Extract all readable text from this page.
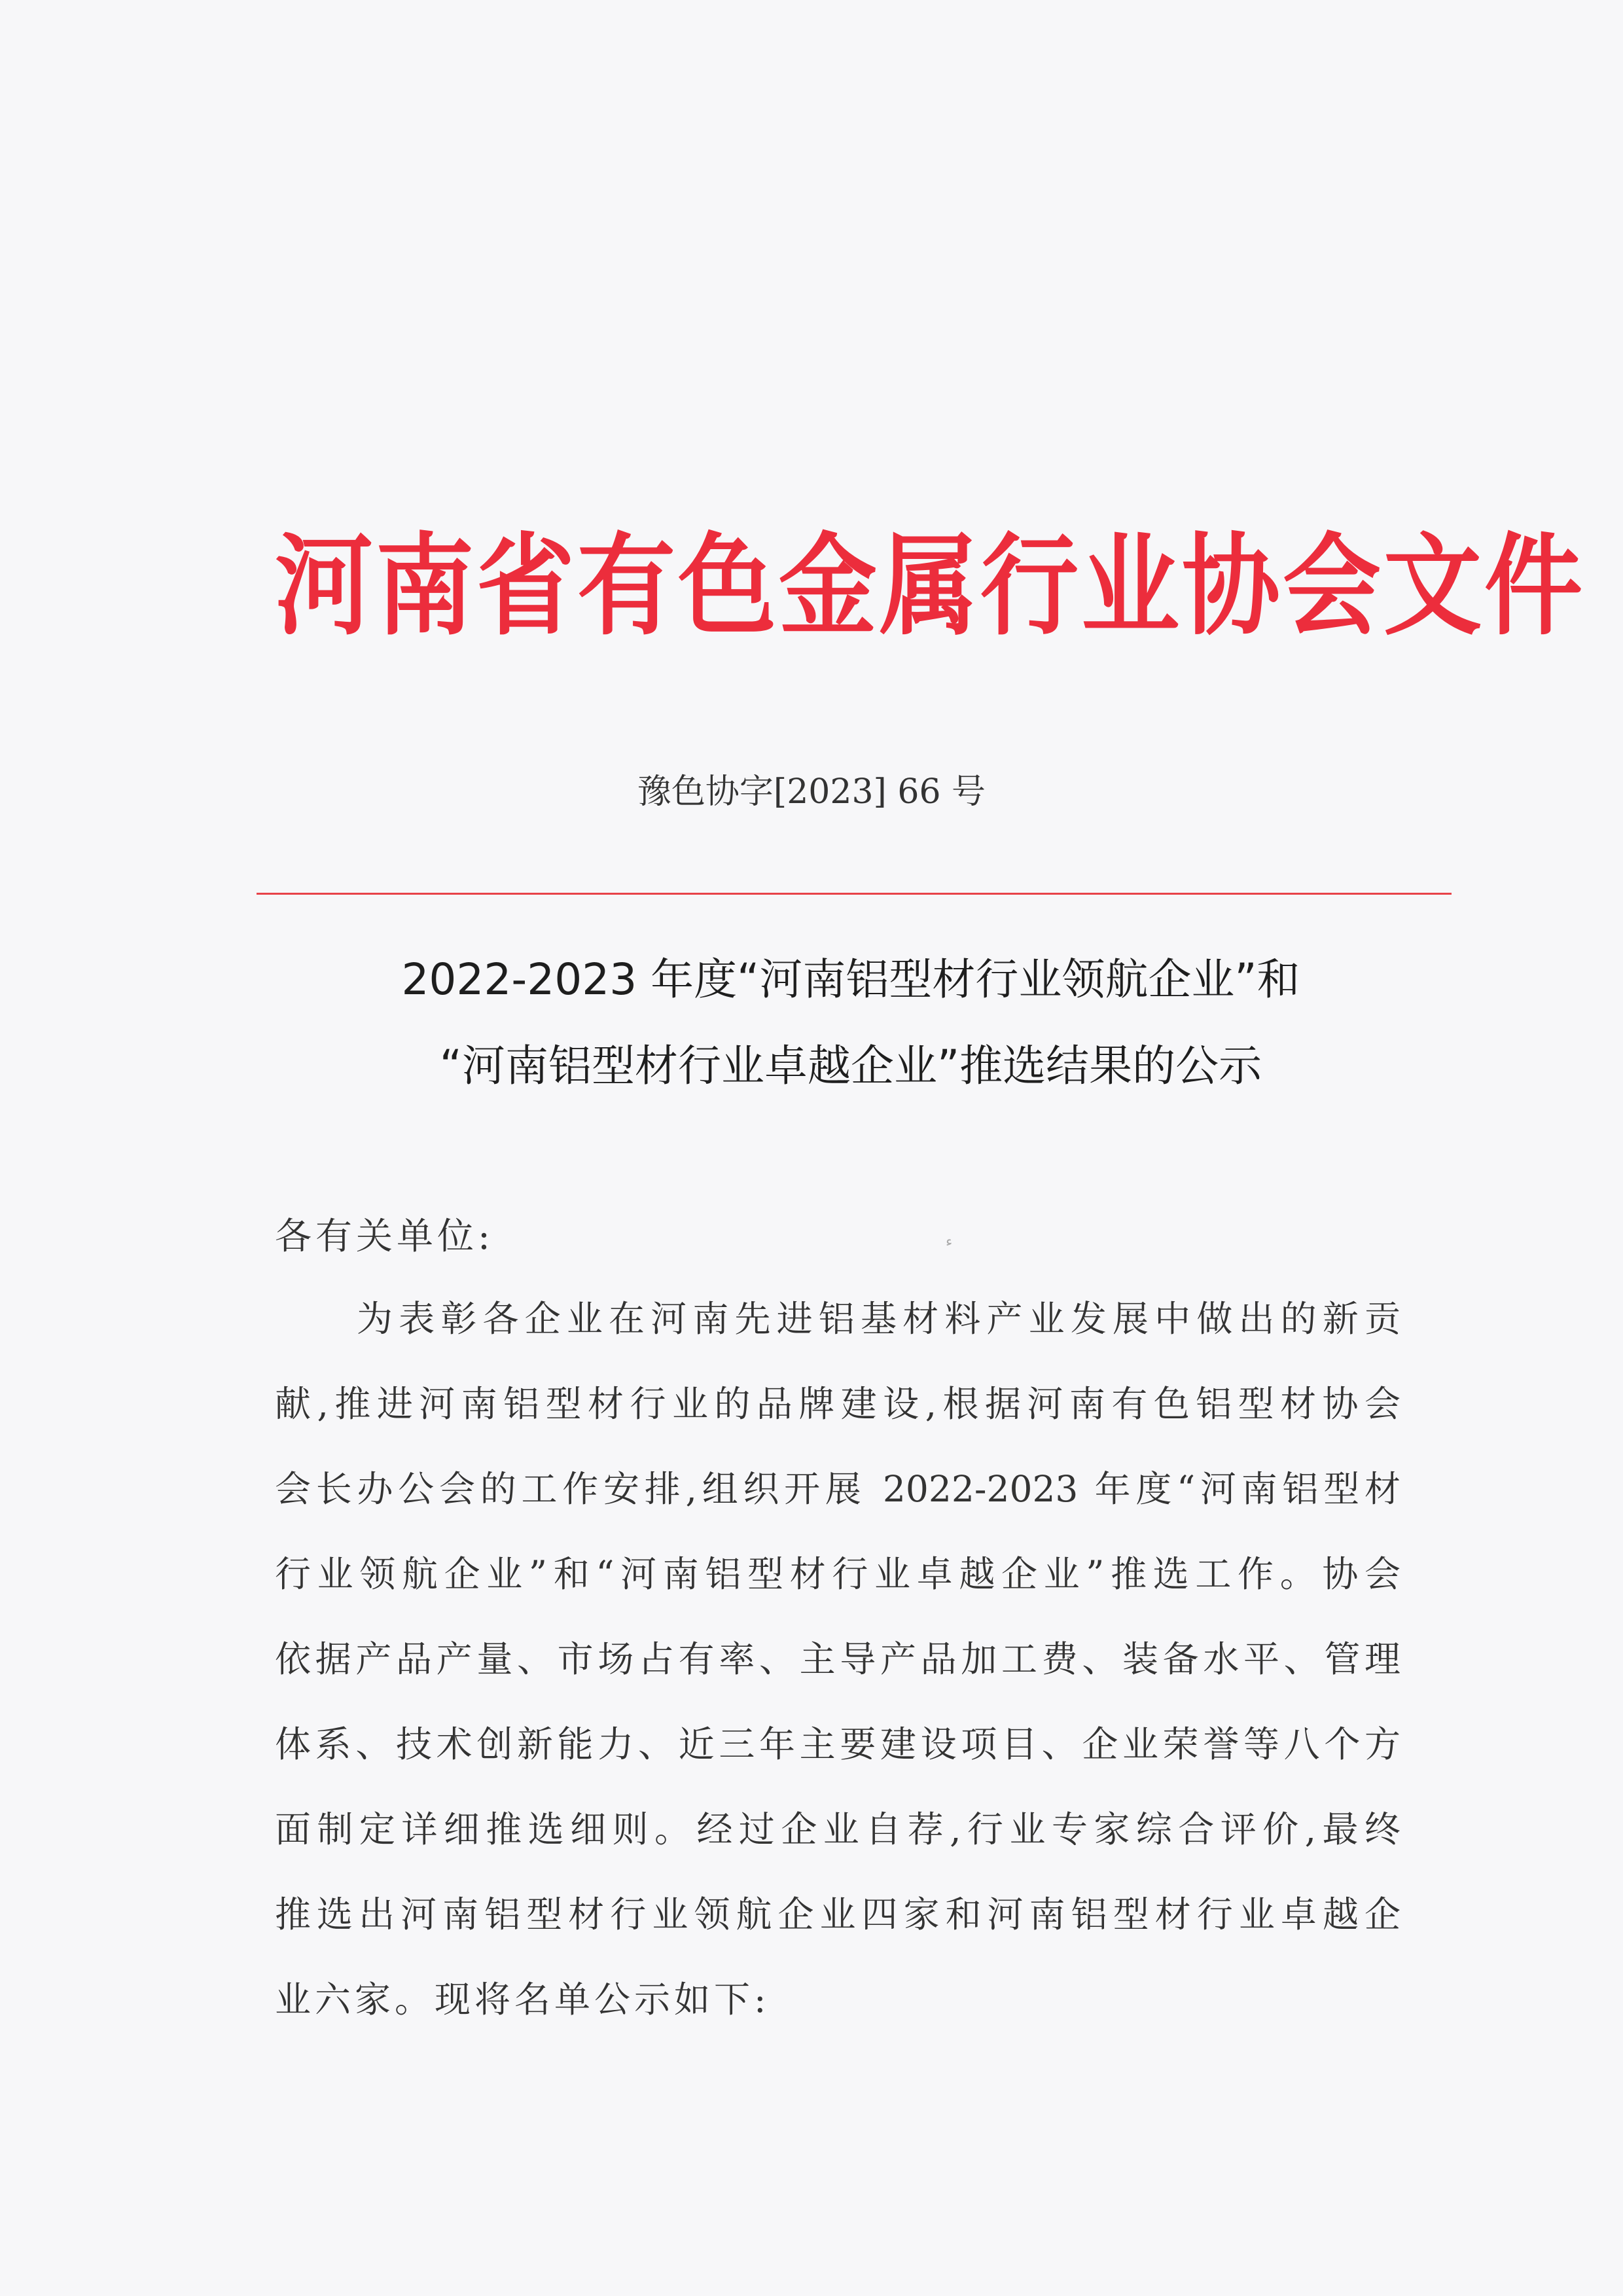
河南省有色金属行业协会文件
豫色协字[2023] 66 号
2022-2023 年度“河南铝型材行业领航企业”和
“河南铝型材行业卓越企业”推选结果的公示
各有关单位:
为表彰各企业在河南先进铝基材料产业发展中做出的新贡
献,推进河南铝型材行业的品牌建设,根据河南有色铝型材协会
会长办公会的工作安排,组织开展 2022-2023 年度“河南铝型材
行业领航企业”和“河南铝型材行业卓越企业”推选工作。协会
依据产品产量、市场占有率、主导产品加工费、装备水平、管理
体系、技术创新能力、近三年主要建设项目、企业荣誉等八个方
面制定详细推选细则。经过企业自荐,行业专家综合评价,最终
推选出河南铝型材行业领航企业四家和河南铝型材行业卓越企
业六家。现将名单公示如下:
ء
